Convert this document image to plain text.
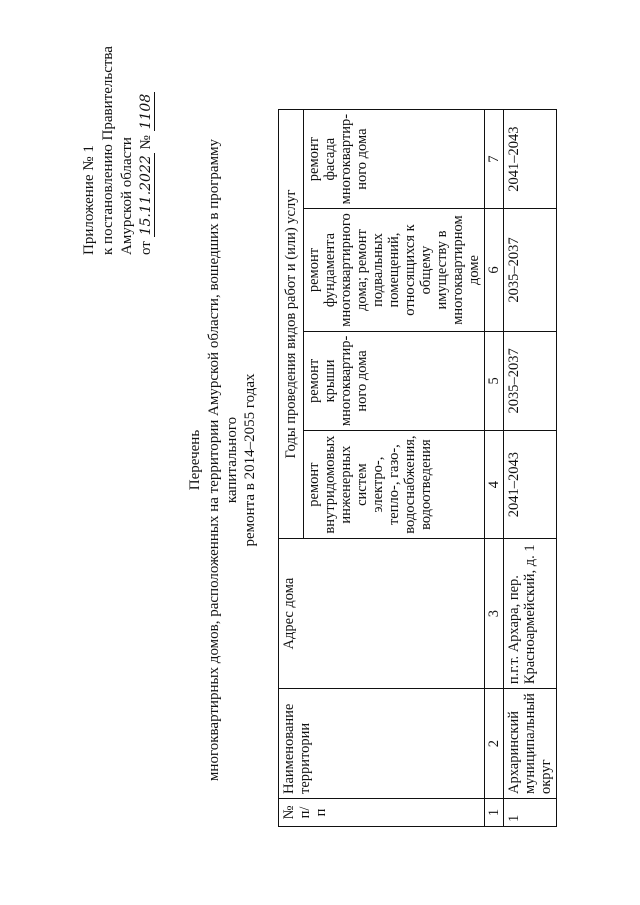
Приложение № 1 к постановлению Правительства Амурской области от 15.11.2022 № 1108
Перечень многоквартирных домов, расположенных на территории Амурской области, вошедших в программу капитального ремонта в 2014–2055 годах
№ п/п	Наименование территории	Адрес дома	Годы проведения видов работ и (или) услуг			
			ремонт внутридомовых инженерных систем электро-, тепло-, газо-, водоснабжения, водоотведения	ремонт крыши многоквартир-ного дома	ремонт фундамента многоквартирного дома; ремонт подвальных помещений, относящихся к общему имуществу в многоквартирном доме	ремонт фасада многоквартир-ного дома
1	2	3	4	5	6	7
1	Архаринский муниципальный округ	п.г.т. Архара, пер. Красноармейский, д. 1	2041–2043	2035–2037	2035–2037	2041–2043
